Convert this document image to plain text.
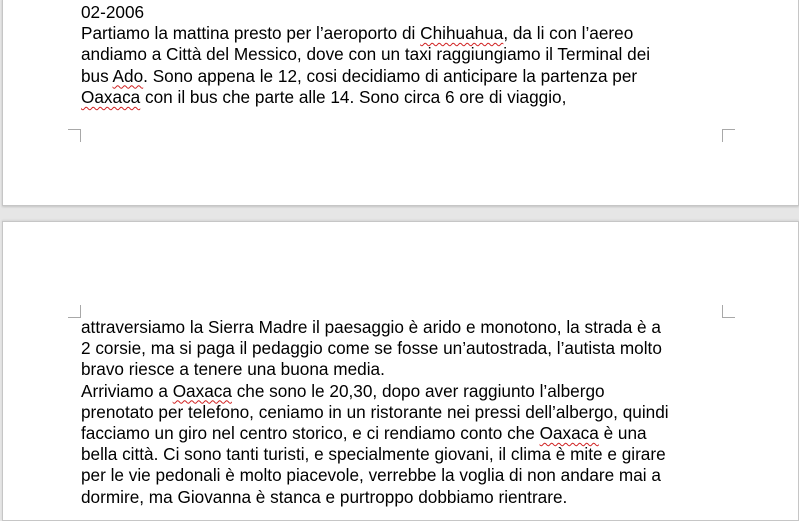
02-2006
Partiamo la mattina presto per l’aeroporto di Chihuahua, da li con l’aereo
andiamo a Città del Messico, dove con un taxi raggiungiamo il Terminal dei
bus Ado. Sono appena le 12, cosi decidiamo di anticipare la partenza per
Oaxaca con il bus che parte alle 14. Sono circa 6 ore di viaggio,
attraversiamo la Sierra Madre il paesaggio è arido e monotono, la strada è a
2 corsie, ma si paga il pedaggio come se fosse un’autostrada, l’autista molto
bravo riesce a tenere una buona media.
Arriviamo a Oaxaca che sono le 20,30, dopo aver raggiunto l’albergo
prenotato per telefono, ceniamo in un ristorante nei pressi dell’albergo, quindi
facciamo un giro nel centro storico, e ci rendiamo conto che Oaxaca è una
bella città. Ci sono tanti turisti, e specialmente giovani, il clima è mite e girare
per le vie pedonali è molto piacevole, verrebbe la voglia di non andare mai a
dormire, ma Giovanna è stanca e purtroppo dobbiamo rientrare.
